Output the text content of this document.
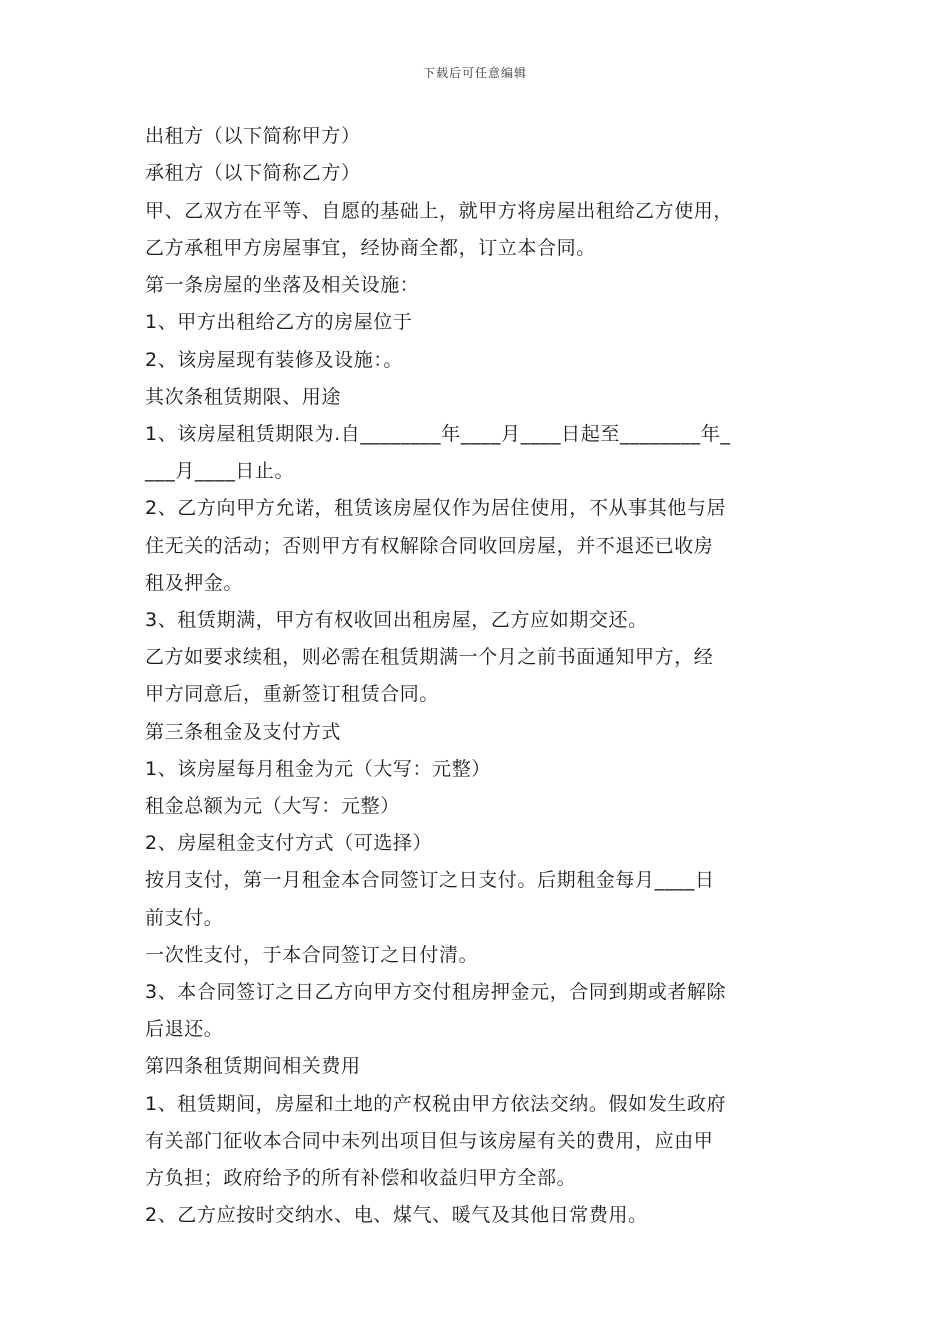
下载后可任意编辑
出租方（以下简称甲方）
承租方（以下简称乙方）
甲、乙双方在平等、自愿的基础上，就甲方将房屋出租给乙方使用，
乙方承租甲方房屋事宜，经协商全都，订立本合同。
第一条房屋的坐落及相关设施：
1、甲方出租给乙方的房屋位于
2、该房屋现有装修及设施：。
其次条租赁期限、用途
1、该房屋租赁期限为.自________年____月____日起至________年_
___月____日止。
2、乙方向甲方允诺，租赁该房屋仅作为居住使用，不从事其他与居
住无关的活动；否则甲方有权解除合同收回房屋，并不退还已收房
租及押金。
3、租赁期满，甲方有权收回出租房屋，乙方应如期交还。
乙方如要求续租，则必需在租赁期满一个月之前书面通知甲方，经
甲方同意后，重新签订租赁合同。
第三条租金及支付方式
1、该房屋每月租金为元（大写：元整）
租金总额为元（大写：元整）
2、房屋租金支付方式（可选择）
按月支付，第一月租金本合同签订之日支付。后期租金每月____日
前支付。
一次性支付，于本合同签订之日付清。
3、本合同签订之日乙方向甲方交付租房押金元，合同到期或者解除
后退还。
第四条租赁期间相关费用
1、租赁期间，房屋和土地的产权税由甲方依法交纳。假如发生政府
有关部门征收本合同中未列出项目但与该房屋有关的费用，应由甲
方负担；政府给予的所有补偿和收益归甲方全部。
2、乙方应按时交纳水、电、煤气、暖气及其他日常费用。
